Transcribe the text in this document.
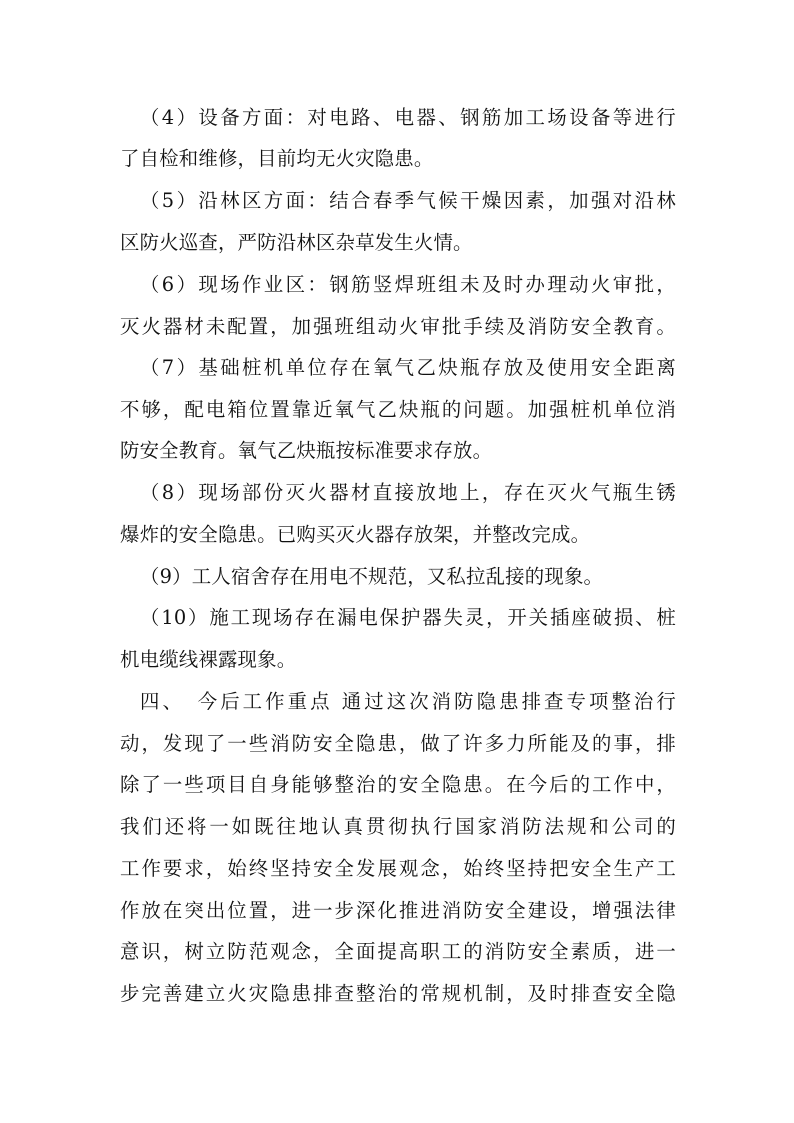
（4）设备方面：对电路、电器、钢筋加工场设备等进行
了自检和维修，目前均无火灾隐患。
（5）沿林区方面：结合春季气候干燥因素，加强对沿林
区防火巡查，严防沿林区杂草发生火情。
（6）现场作业区：钢筋竖焊班组未及时办理动火审批，
灭火器材未配置，加强班组动火审批手续及消防安全教育。
（7）基础桩机单位存在氧气乙炔瓶存放及使用安全距离
不够，配电箱位置靠近氧气乙炔瓶的问题。加强桩机单位消
防安全教育。氧气乙炔瓶按标准要求存放。
（8）现场部份灭火器材直接放地上，存在灭火气瓶生锈
爆炸的安全隐患。已购买灭火器存放架，并整改完成。
（9）工人宿舍存在用电不规范，又私拉乱接的现象。
（10）施工现场存在漏电保护器失灵，开关插座破损、桩
机电缆线裸露现象。
四、　今后工作重点 通过这次消防隐患排查专项整治行
动，发现了一些消防安全隐患，做了许多力所能及的事，排
除了一些项目自身能够整治的安全隐患。在今后的工作中，
我们还将一如既往地认真贯彻执行国家消防法规和公司的
工作要求，始终坚持安全发展观念，始终坚持把安全生产工
作放在突出位置，进一步深化推进消防安全建设，增强法律
意识，树立防范观念，全面提高职工的消防安全素质，进一
步完善建立火灾隐患排查整治的常规机制，及时排查安全隐
